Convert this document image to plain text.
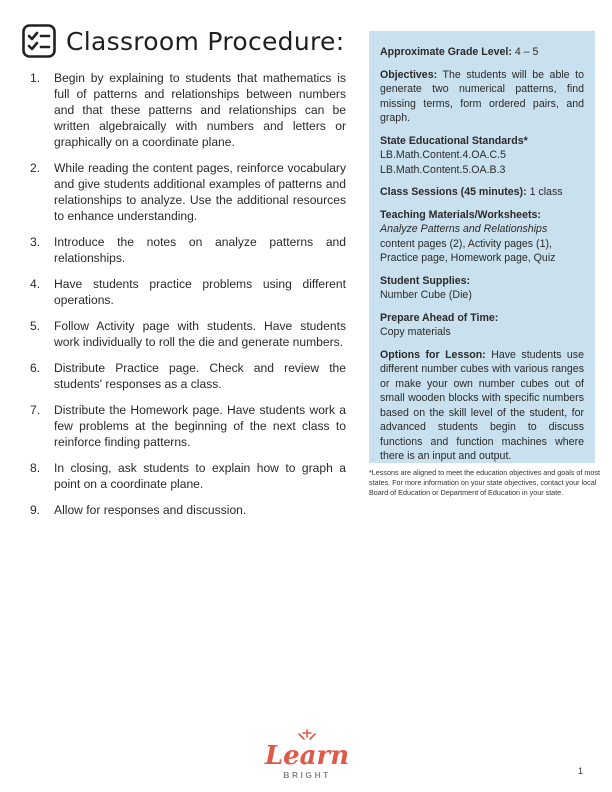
Classroom Procedure:
1.	Begin by explaining to students that mathematics is full of patterns and relationships between numbers and that these patterns and relationships can be written algebraically with numbers and letters or graphically on a coordinate plane.
2.	While reading the content pages, reinforce vocabulary and give students additional examples of patterns and relationships to analyze. Use the additional resources to enhance understanding.
3.	Introduce the notes on analyze patterns and relationships.
4.	Have students practice problems using different operations.
5.	Follow Activity page with students. Have students work individually to roll the die and generate numbers.
6.	Distribute Practice page. Check and review the students' responses as a class.
7.	Distribute the Homework page. Have students work a few problems at the beginning of the next class to reinforce finding patterns.
8.	In closing, ask students to explain how to graph a point on a coordinate plane.
9.	Allow for responses and discussion.
Approximate Grade Level: 4 – 5
Objectives: The students will be able to generate two numerical patterns, find missing terms, form ordered pairs, and graph.
State Educational Standards*
LB.Math.Content.4.OA.C.5
LB.Math.Content.5.OA.B.3
Class Sessions (45 minutes): 1 class
Teaching Materials/Worksheets:
Analyze Patterns and Relationships content pages (2), Activity pages (1), Practice page, Homework page, Quiz
Student Supplies:
Number Cube (Die)
Prepare Ahead of Time:
Copy materials
Options for Lesson: Have students use different number cubes with various ranges or make your own number cubes out of small wooden blocks with specific numbers based on the skill level of the student, for advanced students begin to discuss functions and function machines where there is an input and output.
*Lessons are aligned to meet the education objectives and goals of most states. For more information on your state objectives, contact your local Board of Education or Department of Education in your state.
Learn
BRIGHT	1
